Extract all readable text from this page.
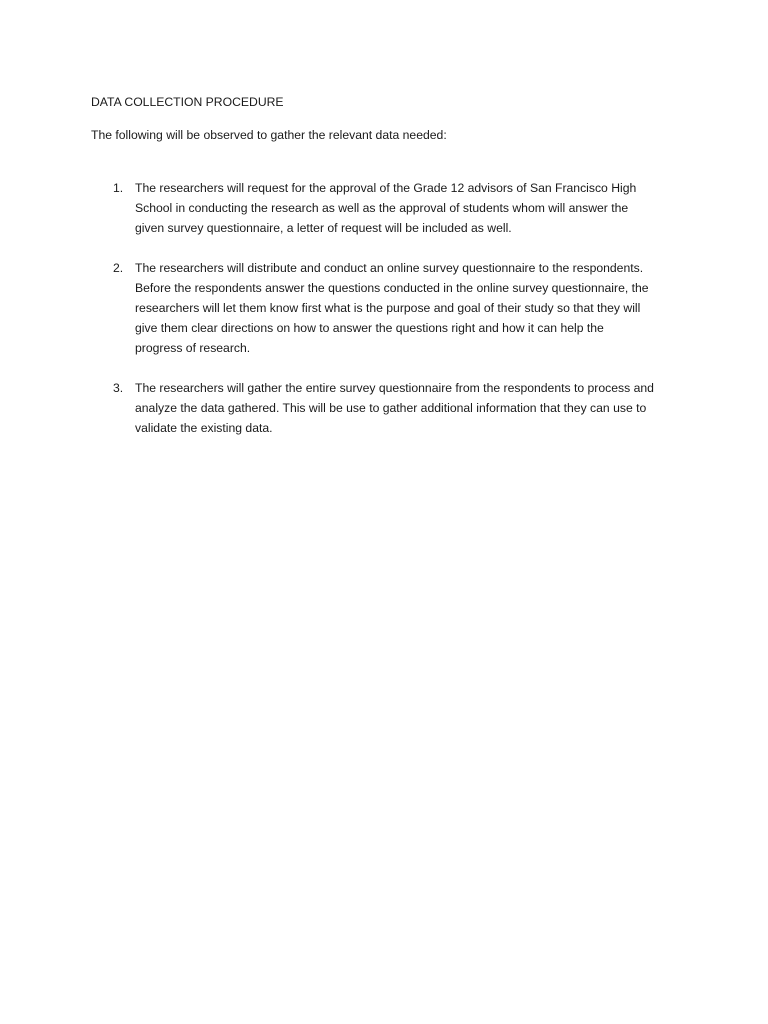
DATA COLLECTION PROCEDURE
The following will be observed to gather the relevant data needed:
1. The researchers will request for the approval of the Grade 12 advisors of San Francisco High
School in conducting the research as well as the approval of students whom will answer the
given survey questionnaire, a letter of request will be included as well.
2. The researchers will distribute and conduct an online survey questionnaire to the respondents.
Before the respondents answer the questions conducted in the online survey questionnaire, the
researchers will let them know first what is the purpose and goal of their study so that they will
give them clear directions on how to answer the questions right and how it can help the
progress of research.
3. The researchers will gather the entire survey questionnaire from the respondents to process and
analyze the data gathered. This will be use to gather additional information that they can use to
validate the existing data.
